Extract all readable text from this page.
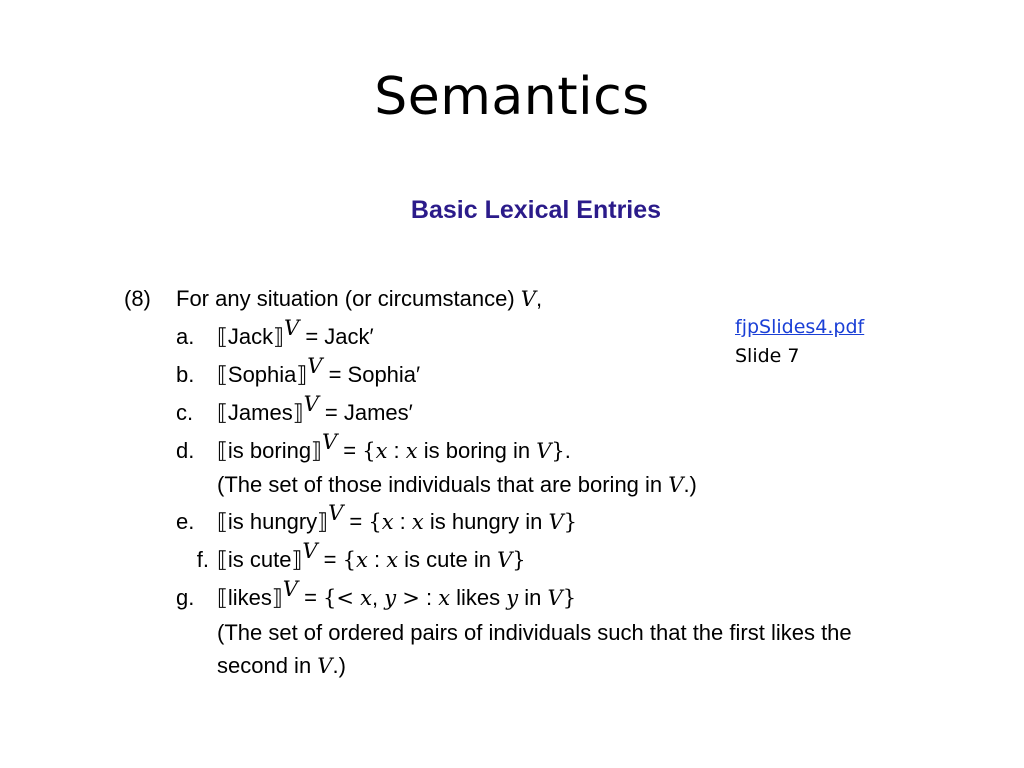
Semantics
Basic Lexical Entries
fjpSlides4.pdf
Slide 7
(8) For any situation (or circumstance) V,
a. ⟦Jack⟧$^V$ = Jack′
b. ⟦Sophia⟧$^V$ = Sophia′
c. ⟦James⟧$^V$ = James′
d. ⟦is boring⟧$^V$ = {x : x is boring in V}.
(The set of those individuals that are boring in V.)
e. ⟦is hungry⟧$^V$ = {x : x is hungry in V}
f. ⟦is cute⟧$^V$ = {x : x is cute in V}
g. ⟦likes⟧$^V$ = {< x, y > : x likes y in V}
(The set of ordered pairs of individuals such that the first likes the
second in V.)
